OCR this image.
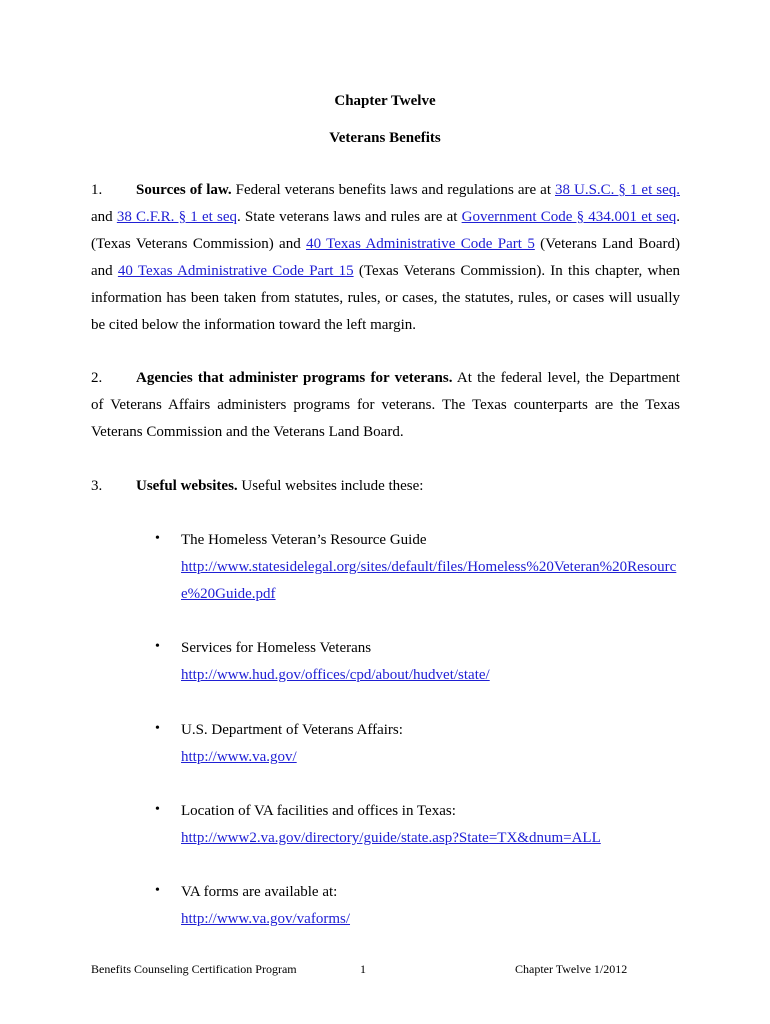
Chapter Twelve
Veterans Benefits
1. Sources of law. Federal veterans benefits laws and regulations are at 38 U.S.C. § 1 et seq. and 38 C.F.R. § 1 et seq. State veterans laws and rules are at Government Code § 434.001 et seq. (Texas Veterans Commission) and 40 Texas Administrative Code Part 5 (Veterans Land Board) and 40 Texas Administrative Code Part 15 (Texas Veterans Commission). In this chapter, when information has been taken from statutes, rules, or cases, the statutes, rules, or cases will usually be cited below the information toward the left margin.
2. Agencies that administer programs for veterans. At the federal level, the Department of Veterans Affairs administers programs for veterans. The Texas counterparts are the Texas Veterans Commission and the Veterans Land Board.
3. Useful websites. Useful websites include these:
• The Homeless Veteran’s Resource Guide
http://www.statesidelegal.org/sites/default/files/Homeless%20Veteran%20Resource%20Guide.pdf
• Services for Homeless Veterans
http://www.hud.gov/offices/cpd/about/hudvet/state/
• U.S. Department of Veterans Affairs:
http://www.va.gov/
• Location of VA facilities and offices in Texas:
http://www2.va.gov/directory/guide/state.asp?State=TX&dnum=ALL
• VA forms are available at:
http://www.va.gov/vaforms/
Benefits Counseling Certification Program	1	Chapter Twelve 1/2012
